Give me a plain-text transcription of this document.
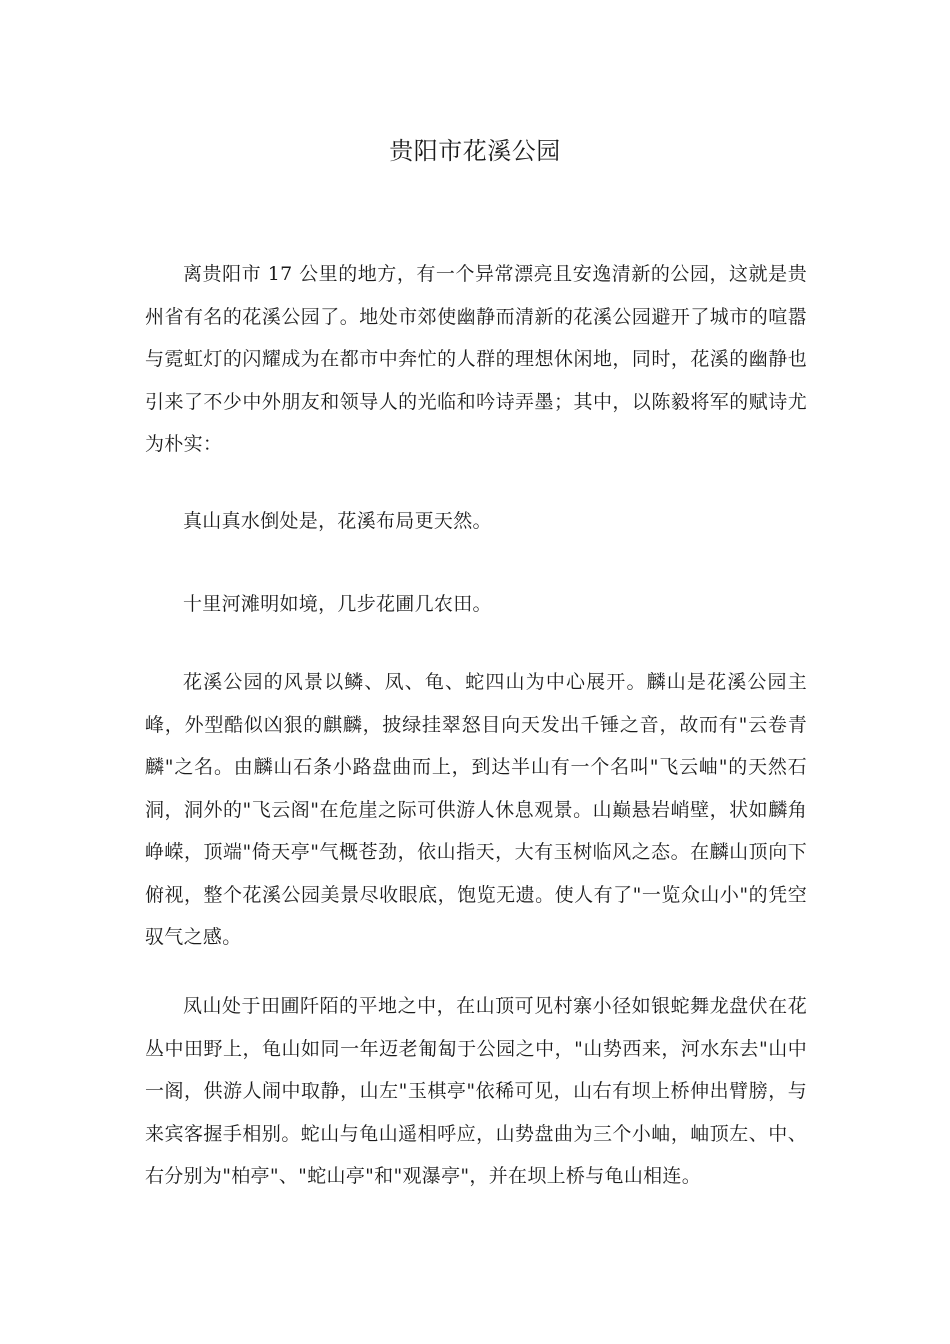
贵阳市花溪公园

离贵阳市 17 公里的地方，有一个异常漂亮且安逸清新的公园，这就是贵州省有名的花溪公园了。地处市郊使幽静而清新的花溪公园避开了城市的喧嚣与霓虹灯的闪耀成为在都市中奔忙的人群的理想休闲地，同时，花溪的幽静也引来了不少中外朋友和领导人的光临和吟诗弄墨；其中，以陈毅将军的赋诗尤为朴实：

真山真水倒处是，花溪布局更天然。

十里河滩明如境，几步花圃几农田。

花溪公园的风景以鳞、凤、龟、蛇四山为中心展开。麟山是花溪公园主峰，外型酷似凶狠的麒麟，披绿挂翠怒目向天发出千锤之音，故而有"云卷青麟"之名。由麟山石条小路盘曲而上，到达半山有一个名叫"飞云岫"的天然石洞，洞外的"飞云阁"在危崖之际可供游人休息观景。山巅悬岩峭壁，状如麟角峥嵘，顶端"倚天亭"气概苍劲，依山指天，大有玉树临风之态。在麟山顶向下俯视，整个花溪公园美景尽收眼底，饱览无遗。使人有了"一览众山小"的凭空驭气之感。

凤山处于田圃阡陌的平地之中，在山顶可见村寨小径如银蛇舞龙盘伏在花丛中田野上，龟山如同一年迈老匍匐于公园之中，"山势西来，河水东去"山中一阁，供游人闹中取静，山左"玉棋亭"依稀可见，山右有坝上桥伸出臂膀，与来宾客握手相别。蛇山与龟山遥相呼应，山势盘曲为三个小岫，岫顶左、中、右分别为"柏亭"、"蛇山亭"和"观瀑亭"，并在坝上桥与龟山相连。
